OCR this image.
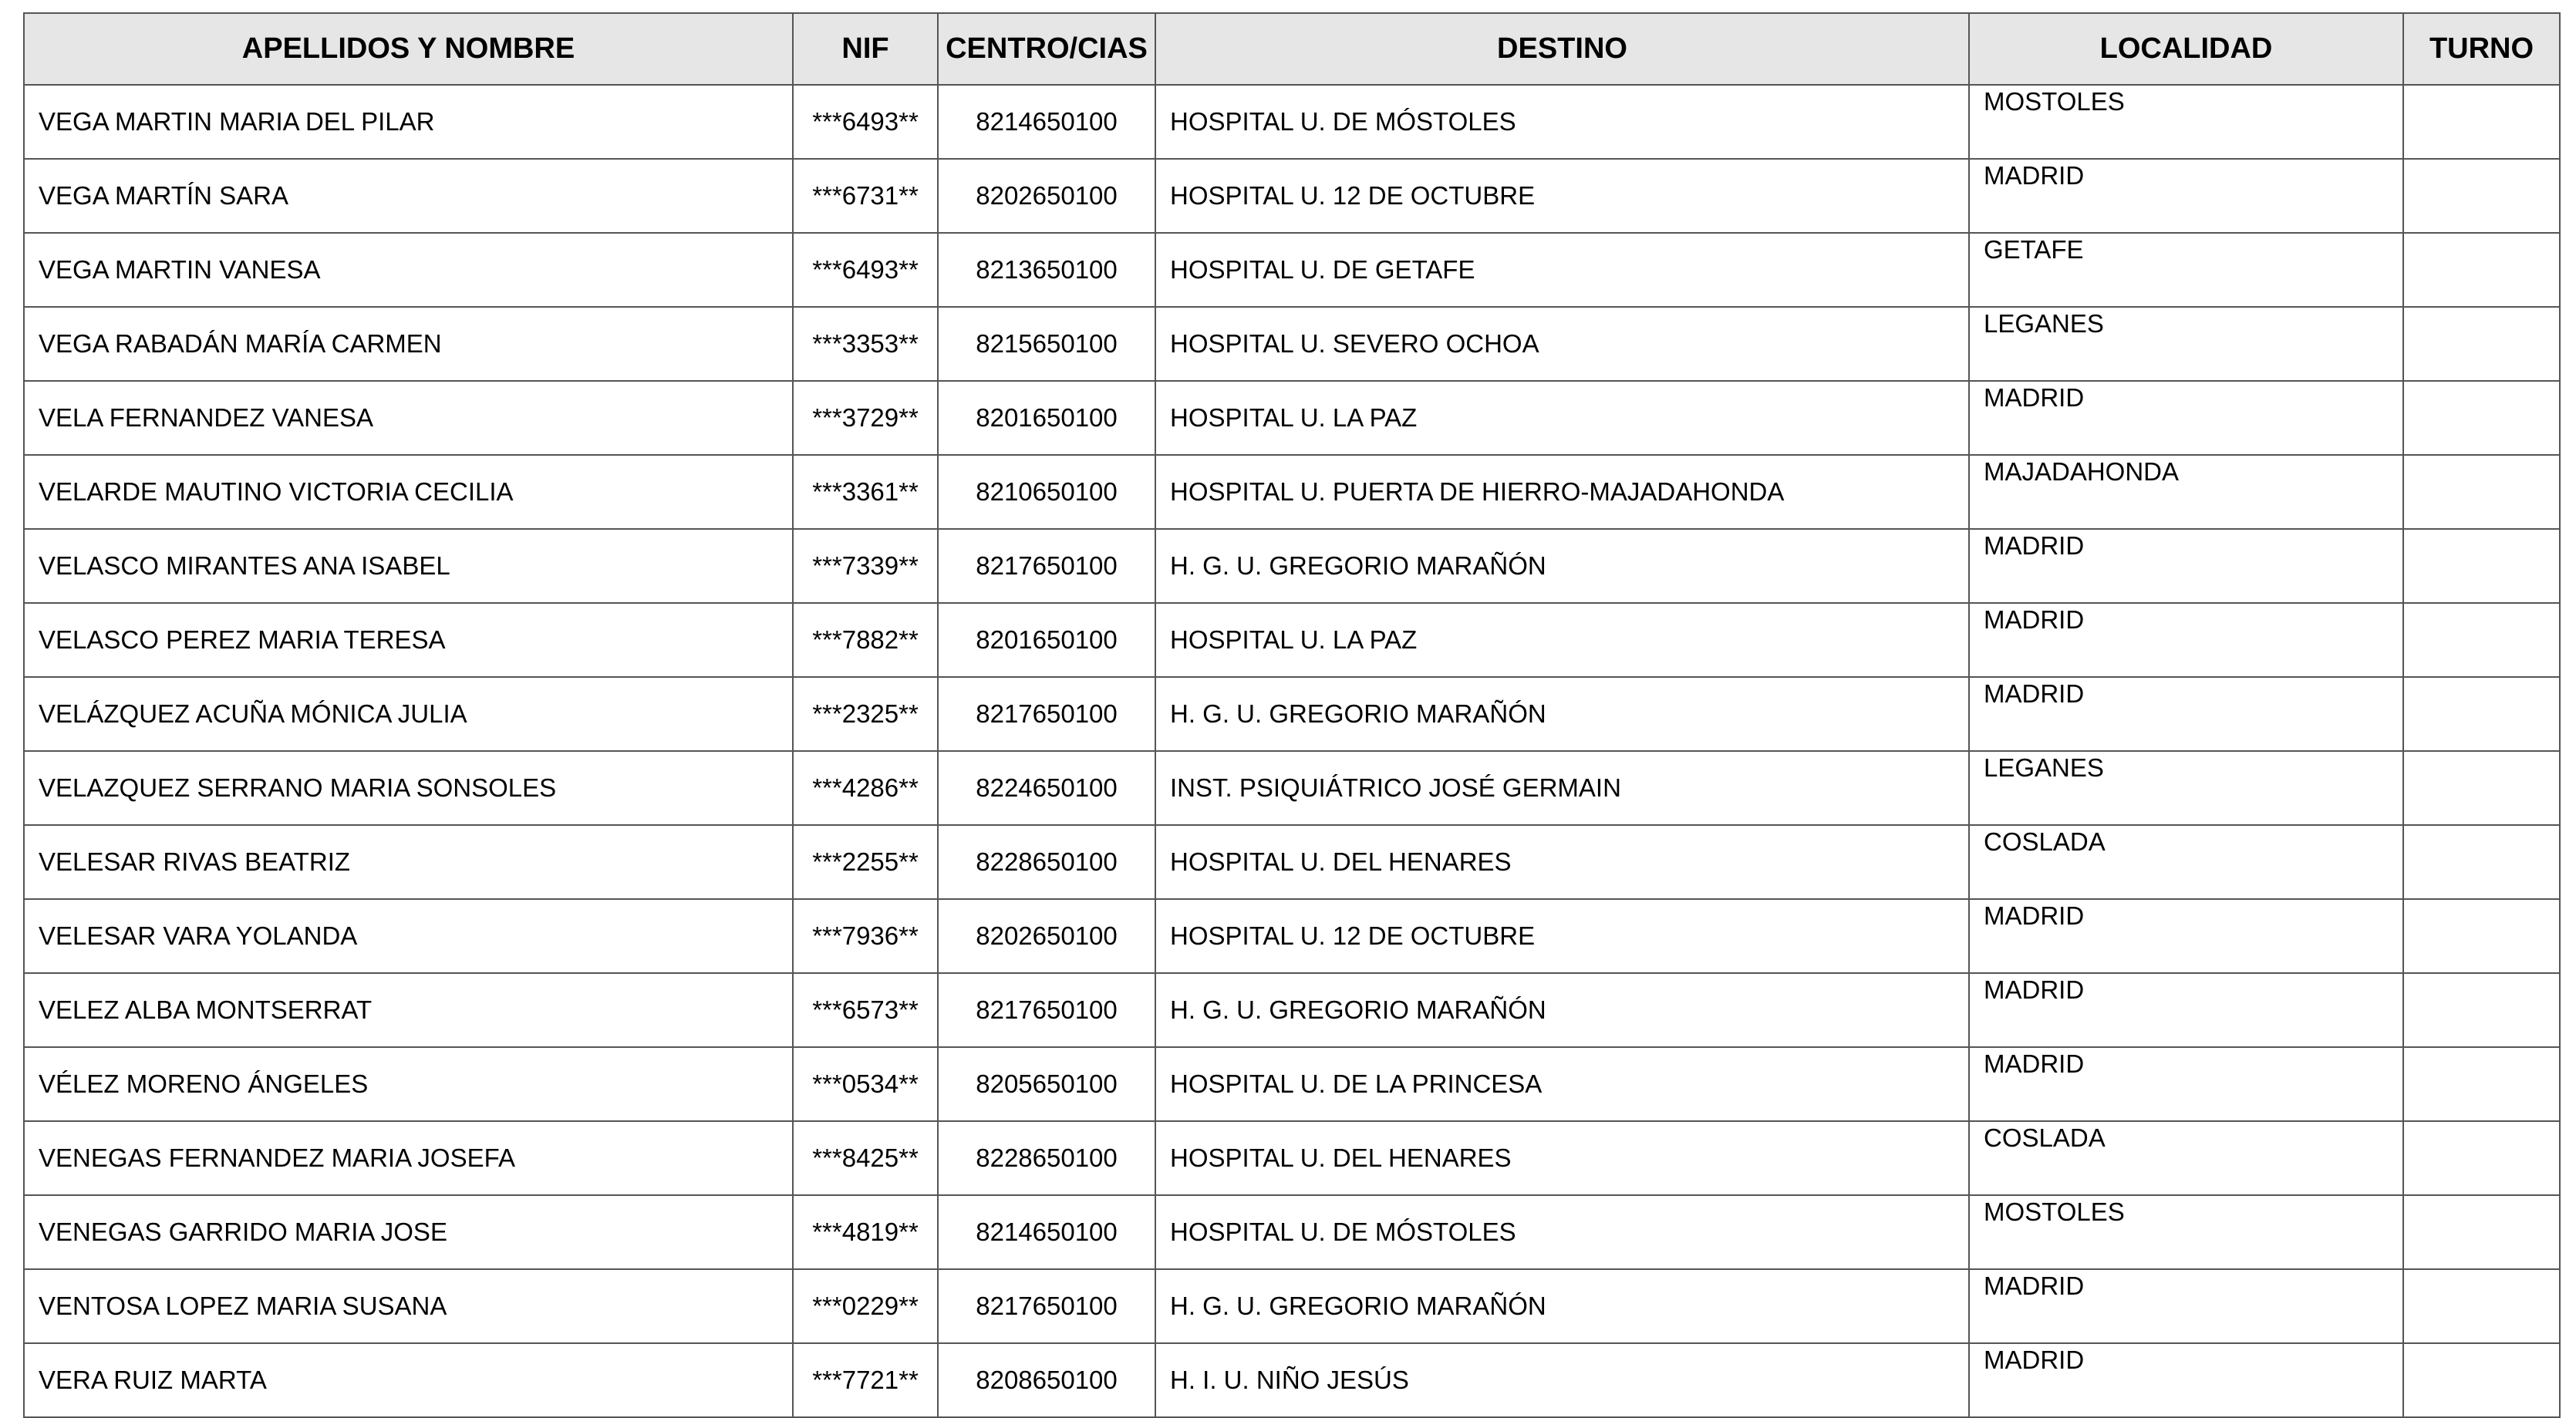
APELLIDOS Y NOMBRE	NIF	CENTRO/CIAS	DESTINO	LOCALIDAD	TURNO
VEGA MARTIN MARIA DEL PILAR	***6493**	8214650100	HOSPITAL U. DE MÓSTOLES	MOSTOLES	
VEGA MARTÍN SARA	***6731**	8202650100	HOSPITAL U. 12 DE OCTUBRE	MADRID	
VEGA MARTIN VANESA	***6493**	8213650100	HOSPITAL U. DE GETAFE	GETAFE	
VEGA RABADÁN MARÍA CARMEN	***3353**	8215650100	HOSPITAL U. SEVERO OCHOA	LEGANES	
VELA FERNANDEZ VANESA	***3729**	8201650100	HOSPITAL U. LA PAZ	MADRID	
VELARDE MAUTINO VICTORIA CECILIA	***3361**	8210650100	HOSPITAL U. PUERTA DE HIERRO-MAJADAHONDA	MAJADAHONDA	
VELASCO MIRANTES ANA ISABEL	***7339**	8217650100	H. G. U. GREGORIO MARAÑÓN	MADRID	
VELASCO PEREZ MARIA TERESA	***7882**	8201650100	HOSPITAL U. LA PAZ	MADRID	
VELÁZQUEZ ACUÑA MÓNICA JULIA	***2325**	8217650100	H. G. U. GREGORIO MARAÑÓN	MADRID	
VELAZQUEZ SERRANO MARIA SONSOLES	***4286**	8224650100	INST. PSIQUIÁTRICO JOSÉ GERMAIN	LEGANES	
VELESAR RIVAS BEATRIZ	***2255**	8228650100	HOSPITAL U. DEL HENARES	COSLADA	
VELESAR VARA YOLANDA	***7936**	8202650100	HOSPITAL U. 12 DE OCTUBRE	MADRID	
VELEZ ALBA MONTSERRAT	***6573**	8217650100	H. G. U. GREGORIO MARAÑÓN	MADRID	
VÉLEZ MORENO ÁNGELES	***0534**	8205650100	HOSPITAL U. DE LA PRINCESA	MADRID	
VENEGAS FERNANDEZ MARIA JOSEFA	***8425**	8228650100	HOSPITAL U. DEL HENARES	COSLADA	
VENEGAS GARRIDO MARIA JOSE	***4819**	8214650100	HOSPITAL U. DE MÓSTOLES	MOSTOLES	
VENTOSA LOPEZ MARIA SUSANA	***0229**	8217650100	H. G. U. GREGORIO MARAÑÓN	MADRID	
VERA RUIZ MARTA	***7721**	8208650100	H. I. U. NIÑO JESÚS	MADRID	
